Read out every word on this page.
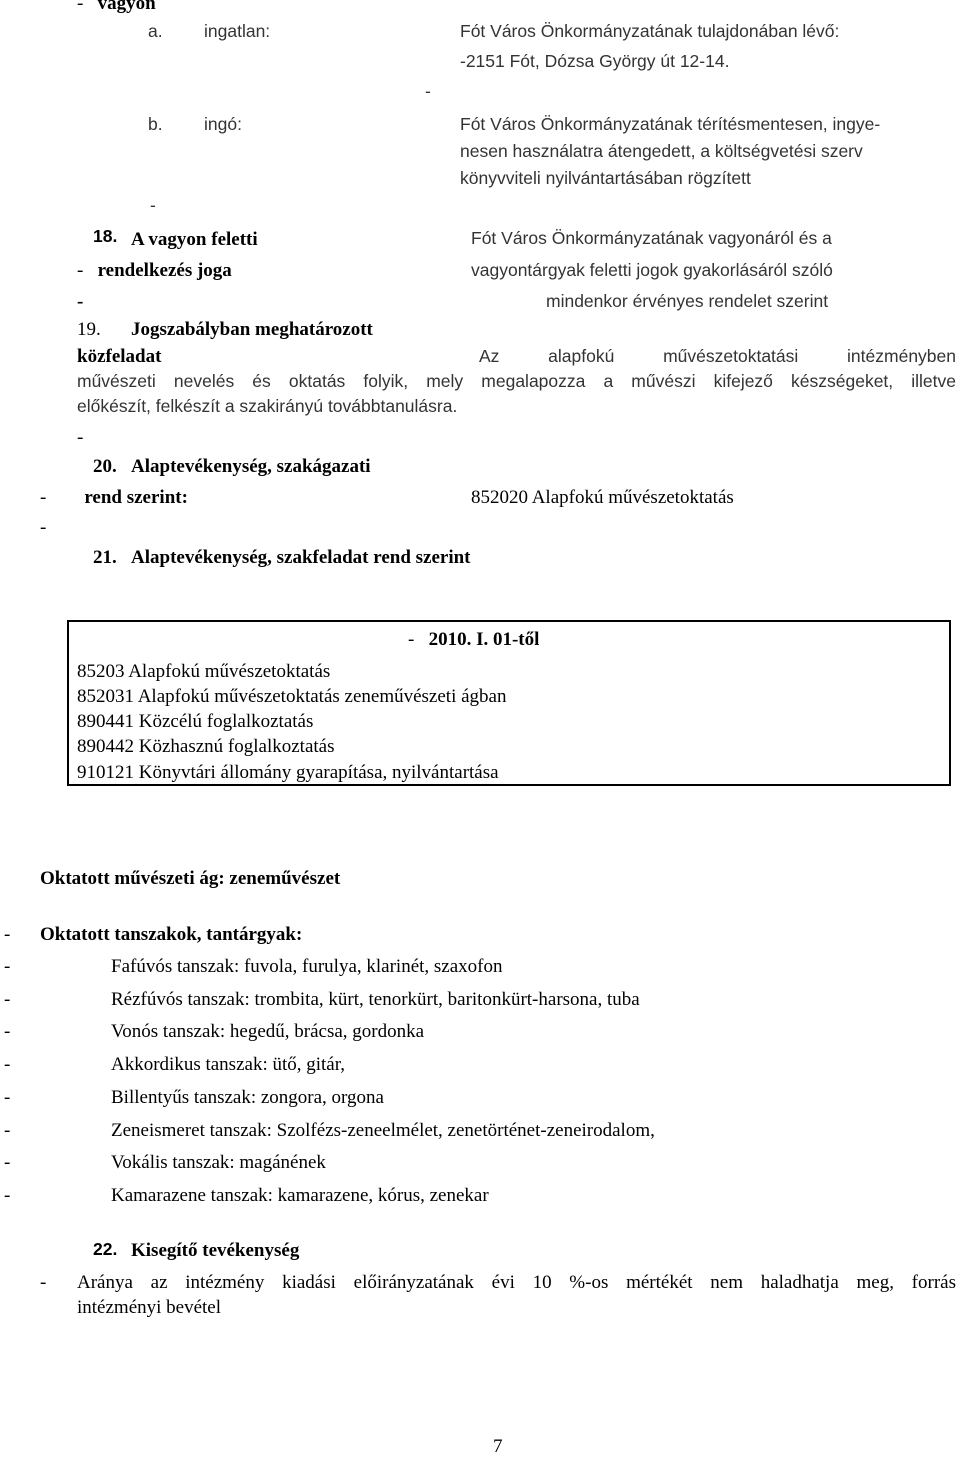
- vagyon
a. ingatlan:	Fót Város Önkormányzatának tulajdonában lévő:
-2151 Fót, Dózsa György út 12-14.
-
b. ingó:	Fót Város Önkormányzatának térítésmentesen, ingye-
nesen használatra átengedett, a költségvetési szerv
könyvviteli nyilvántartásában rögzített
-
18. A vagyon feletti	Fót Város Önkormányzatának vagyonáról és a
- rendelkezés joga	vagyontárgyak feletti jogok gyakorlásáról szóló
-	mindenkor érvényes rendelet szerint
19. Jogszabályban meghatározott
közfeladat	Az alapfokú művészetoktatási intézményben
művészeti nevelés és oktatás folyik, mely megalapozza a művészi kifejező készségeket, illetve
előkészít, felkészít a szakirányú továbbtanulásra.
-
20. Alaptevékenység, szakágazati
- rend szerint:	852020 Alapfokú művészetoktatás
-
21. Alaptevékenység, szakfeladat rend szerint
- 2010. I. 01-től
85203 Alapfokú művészetoktatás
852031 Alapfokú művészetoktatás zeneművészeti ágban
890441 Közcélú foglalkoztatás
890442 Közhasznú foglalkoztatás
910121 Könyvtári állomány gyarapítása, nyilvántartása
Oktatott művészeti ág: zeneművészet
- Oktatott tanszakok, tantárgyak:
-	Fafúvós tanszak: fuvola, furulya, klarinét, szaxofon
-	Rézfúvós tanszak: trombita, kürt, tenorkürt, baritonkürt-harsona, tuba
-	Vonós tanszak: hegedű, brácsa, gordonka
-	Akkordikus tanszak: ütő, gitár,
-	Billentyűs tanszak: zongora, orgona
-	Zeneismeret tanszak: Szolfézs-zeneelmélet, zenetörténet-zeneirodalom,
-	Vokális tanszak: magánének
-	Kamarazene tanszak: kamarazene, kórus, zenekar
22. Kisegítő tevékenység
- Aránya az intézmény kiadási előirányzatának évi 10 %-os mértékét nem haladhatja meg, forrás
intézményi bevétel
7
